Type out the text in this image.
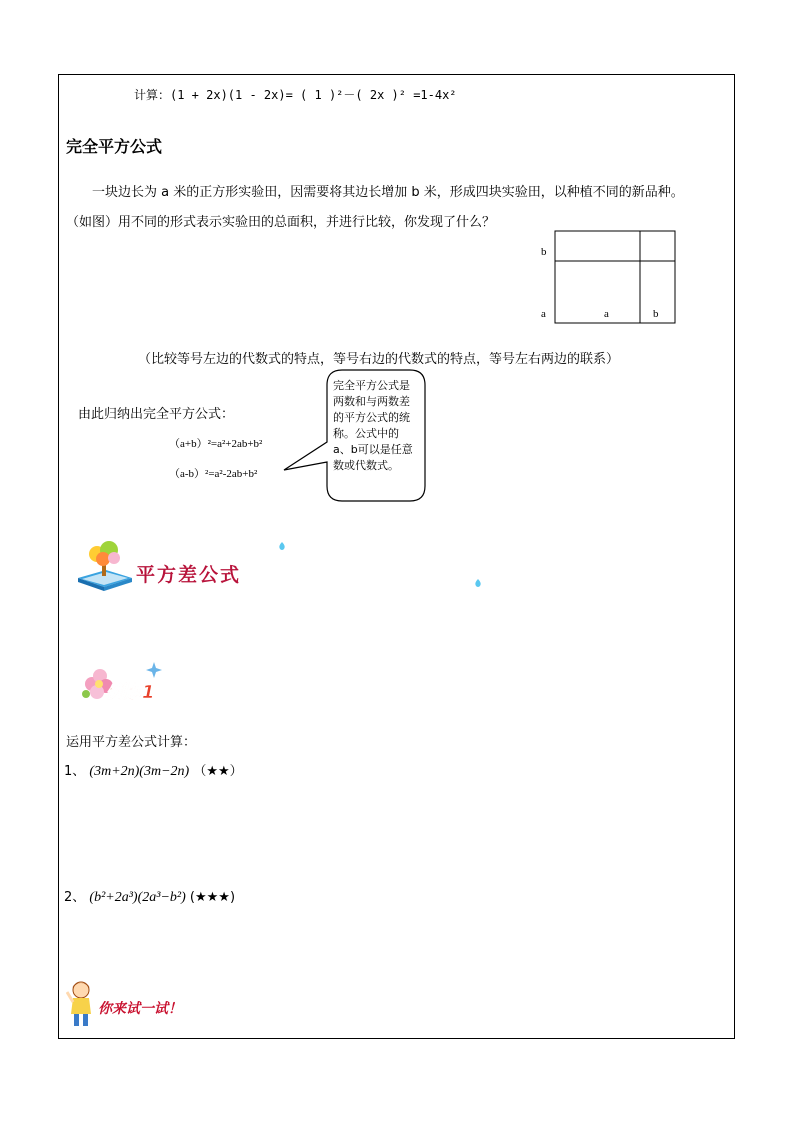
计算：(1 + 2x)(1 - 2x)= ( 1 )²－( 2x )² =1-4x²
完全平方公式
一块边长为 a 米的正方形实验田，因需要将其边长增加 b 米，形成四块实验田，以种植不同的新品种。
（如图）用不同的形式表示实验田的总面积，并进行比较，你发现了什么？
b
a	a	b
（比较等号左边的代数式的特点，等号右边的代数式的特点，等号左右两边的联系）
由此归纳出完全平方公式：
（a+b）²=a²+2ab+b²
（a-b）²=a²-2ab+b²
完全平方公式是两数和与两数差的平方公式的统称。公式中的a、b可以是任意数或代数式。
平方差公式
例题1
运用平方差公式计算：
1、 (3m+2n)(3m−2n) （★★）
2、 (b²+2a³)(2a³−b²) (★★★)
你来试一试！
